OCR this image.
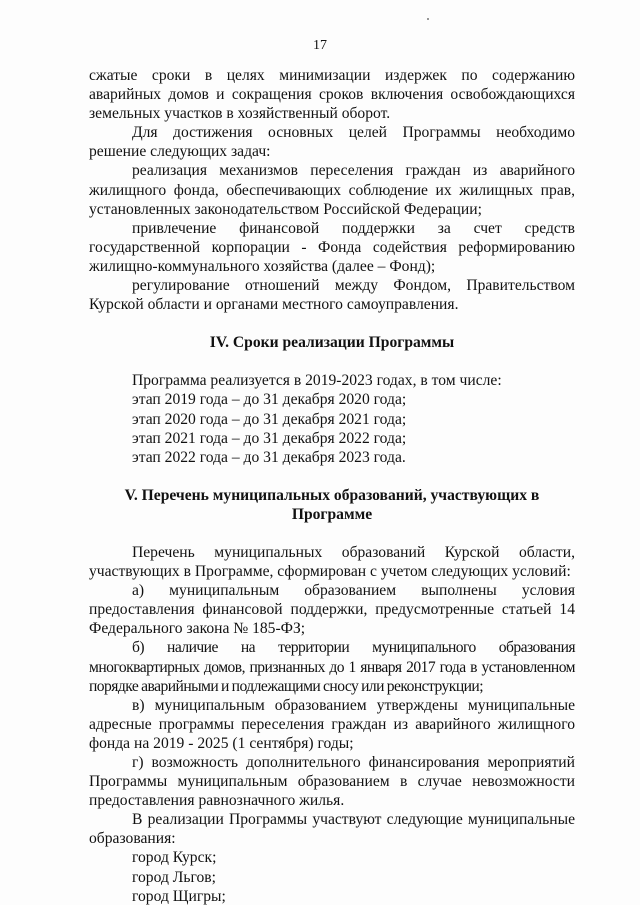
17

сжатые сроки в целях минимизации издержек по содержанию аварийных домов и сокращения сроков включения освобождающихся земельных участков в хозяйственный оборот.

Для достижения основных целей Программы необходимо решение следующих задач:

реализация механизмов переселения граждан из аварийного жилищного фонда, обеспечивающих соблюдение их жилищных прав, установленных законодательством Российской Федерации;

привлечение финансовой поддержки за счет средств государственной корпорации - Фонда содействия реформированию жилищно-коммунального хозяйства (далее – Фонд);

регулирование отношений между Фондом, Правительством Курской области и органами местного самоуправления.

IV. Сроки реализации Программы

Программа реализуется в 2019-2023 годах, в том числе:

этап 2019 года – до 31 декабря 2020 года;

этап 2020 года – до 31 декабря 2021 года;

этап 2021 года – до 31 декабря 2022 года;

этап 2022 года – до 31 декабря 2023 года.

V. Перечень муниципальных образований, участвующих в

Программе

Перечень муниципальных образований Курской области, участвующих в Программе, сформирован с учетом следующих условий:

а) муниципальным образованием выполнены условия предоставления финансовой поддержки, предусмотренные статьей 14 Федерального закона № 185-ФЗ;

б) наличие на территории муниципального образования многоквартирных домов, признанных до 1 января 2017 года в установленном порядке аварийными и подлежащими сносу или реконструкции;

в) муниципальным образованием утверждены муниципальные адресные программы переселения граждан из аварийного жилищного фонда на 2019 - 2025 (1 сентября) годы;

г) возможность дополнительного финансирования мероприятий Программы муниципальным образованием в случае невозможности предоставления равнозначного жилья.

В реализации Программы участвуют следующие муниципальные образования:

город Курск;

город Льгов;

город Щигры;
